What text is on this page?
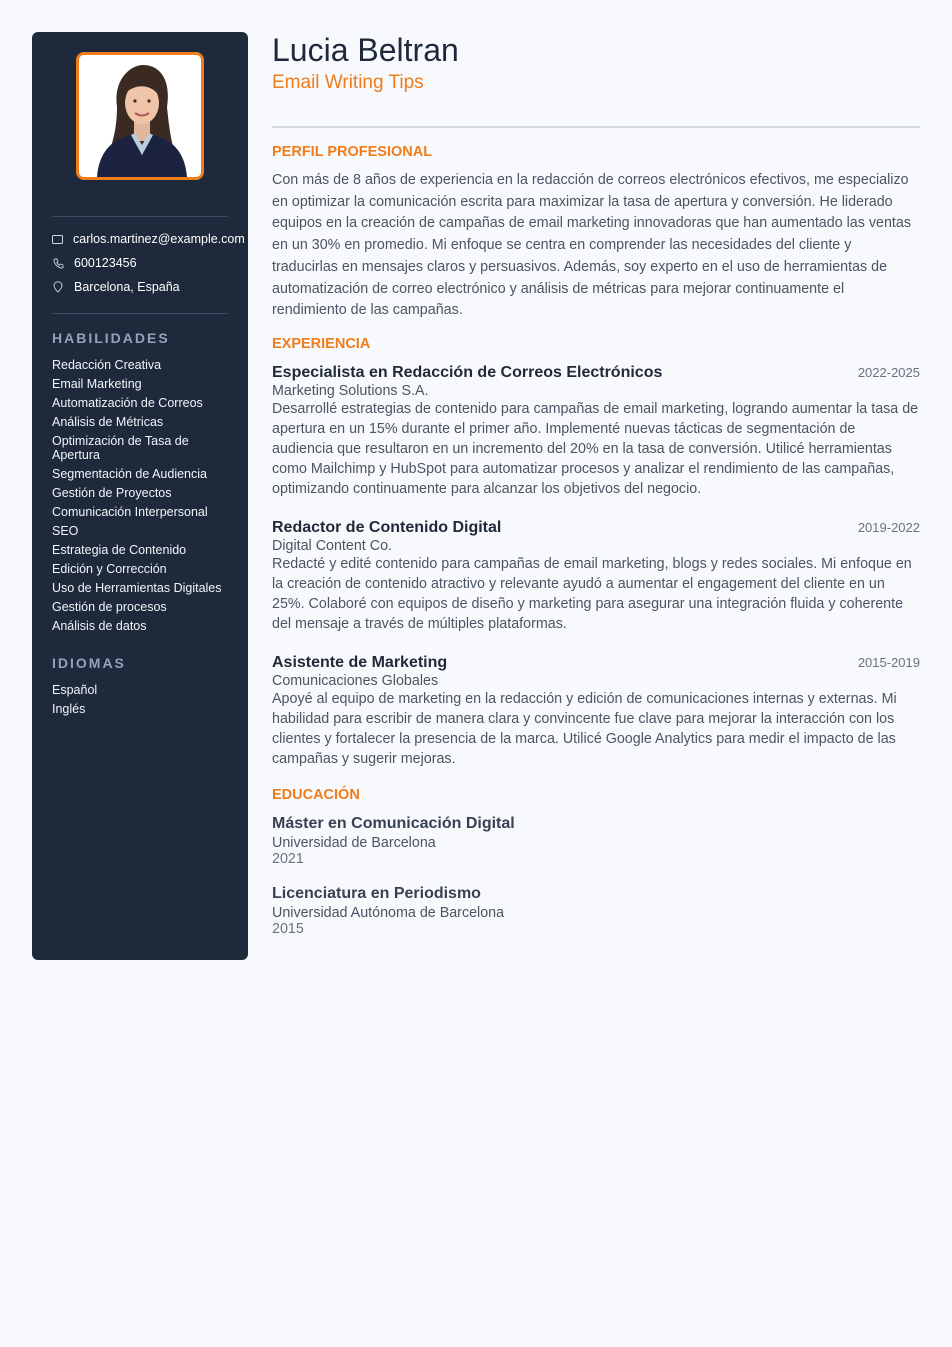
carlos.martinez@example.com
600123456
Barcelona, España
HABILIDADES
Redacción Creativa
Email Marketing
Automatización de Correos
Análisis de Métricas
Optimización de Tasa de Apertura
Segmentación de Audiencia
Gestión de Proyectos
Comunicación Interpersonal
SEO
Estrategia de Contenido
Edición y Corrección
Uso de Herramientas Digitales
Gestión de procesos
Análisis de datos
IDIOMAS
Español
Inglés
Lucia Beltran
Email Writing Tips
PERFIL PROFESIONAL

Con más de 8 años de experiencia en la redacción de correos electrónicos efectivos, me especializo en optimizar la comunicación escrita para maximizar la tasa de apertura y conversión. He liderado equipos en la creación de campañas de email marketing innovadoras que han aumentado las ventas en un 30% en promedio. Mi enfoque se centra en comprender las necesidades del cliente y traducirlas en mensajes claros y persuasivos. Además, soy experto en el uso de herramientas de automatización de correo electrónico y análisis de métricas para mejorar continuamente el rendimiento de las campañas.

EXPERIENCIA
Especialista en Redacción de Correos Electrónicos	2022-2025
Marketing Solutions S.A.

Desarrollé estrategias de contenido para campañas de email marketing, logrando aumentar la tasa de apertura en un 15% durante el primer año. Implementé nuevas tácticas de segmentación de audiencia que resultaron en un incremento del 20% en la tasa de conversión. Utilicé herramientas como Mailchimp y HubSpot para automatizar procesos y analizar el rendimiento de las campañas, optimizando continuamente para alcanzar los objetivos del negocio.

Redactor de Contenido Digital	2019-2022
Digital Content Co.

Redacté y edité contenido para campañas de email marketing, blogs y redes sociales. Mi enfoque en la creación de contenido atractivo y relevante ayudó a aumentar el engagement del cliente en un 25%. Colaboré con equipos de diseño y marketing para asegurar una integración fluida y coherente del mensaje a través de múltiples plataformas.

Asistente de Marketing	2015-2019
Comunicaciones Globales

Apoyé al equipo de marketing en la redacción y edición de comunicaciones internas y externas. Mi habilidad para escribir de manera clara y convincente fue clave para mejorar la interacción con los clientes y fortalecer la presencia de la marca. Utilicé Google Analytics para medir el impacto de las campañas y sugerir mejoras.

EDUCACIÓN
Máster en Comunicación Digital
Universidad de Barcelona
2021
Licenciatura en Periodismo
Universidad Autónoma de Barcelona
2015
